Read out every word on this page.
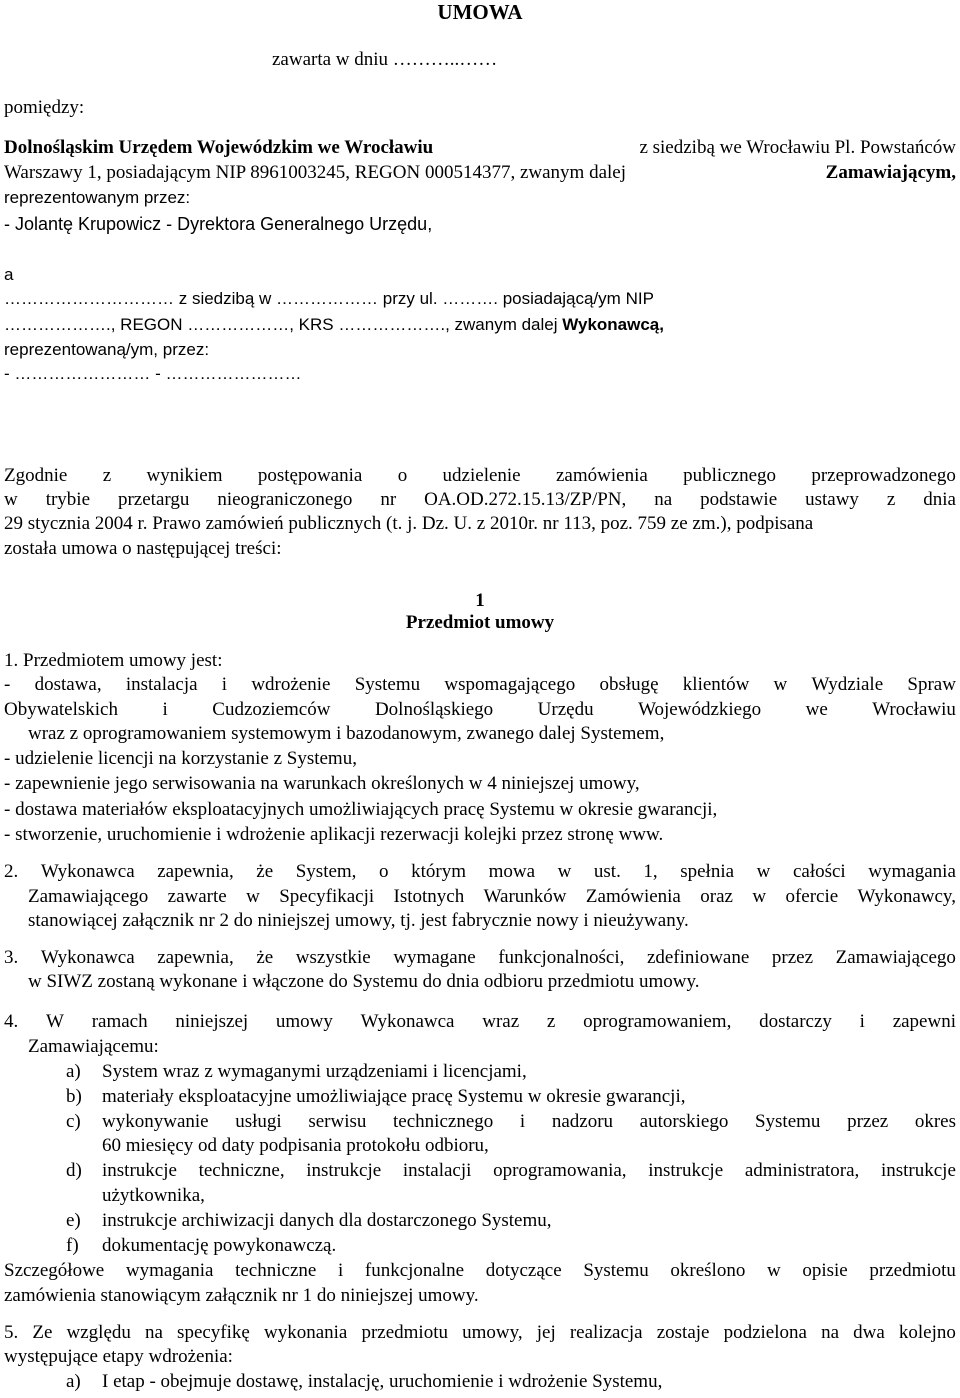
UMOWA
zawarta w dniu ………..……
pomiędzy:
Dolnośląskim Urzędem Wojewódzkim we Wrocławiu	z siedzibą we Wrocławiu Pl. Powstańców
Warszawy 1, posiadającym NIP 8961003245, REGON 000514377, zwanym dalej	Zamawiającym,
reprezentowanym przez:
- Jolantę Krupowicz - Dyrektora Generalnego Urzędu,
a
………………………… z siedzibą w ……………… przy ul. ………. posiadającą/ym NIP
………………., REGON ………………, KRS ………………., zwanym dalej Wykonawcą,
reprezentowaną/ym, przez:
- …………………… - ……………………
Zgodnie z wynikiem postępowania o udzielenie zamówienia publicznego przeprowadzonego
w trybie przetargu nieograniczonego nr OA.OD.272.15.13/ZP/PN, na podstawie ustawy z dnia
29 stycznia 2004 r. Prawo zamówień publicznych (t. j. Dz. U. z 2010r. nr 113, poz. 759 ze zm.), podpisana
została umowa o następującej treści:
1
Przedmiot umowy
1. Przedmiotem umowy jest:
- dostawa, instalacja i wdrożenie Systemu wspomagającego obsługę klientów w Wydziale Spraw
Obywatelskich i Cudzoziemców Dolnośląskiego Urzędu Wojewódzkiego we Wrocławiu
wraz z oprogramowaniem systemowym i bazodanowym, zwanego dalej Systemem,
- udzielenie licencji na korzystanie z Systemu,
- zapewnienie jego serwisowania na warunkach określonych w 4 niniejszej umowy,
- dostawa materiałów eksploatacyjnych umożliwiających pracę Systemu w okresie gwarancji,
- stworzenie, uruchomienie i wdrożenie aplikacji rezerwacji kolejki przez stronę www.
2. Wykonawca zapewnia, że System, o którym mowa w ust. 1, spełnia w całości wymagania
Zamawiającego zawarte w Specyfikacji Istotnych Warunków Zamówienia oraz w ofercie Wykonawcy,
stanowiącej załącznik nr 2 do niniejszej umowy, tj. jest fabrycznie nowy i nieużywany.
3. Wykonawca zapewnia, że wszystkie wymagane funkcjonalności, zdefiniowane przez Zamawiającego
w SIWZ zostaną wykonane i włączone do Systemu do dnia odbioru przedmiotu umowy.
4. W ramach niniejszej umowy Wykonawca wraz z oprogramowaniem, dostarczy i zapewni
Zamawiającemu:
a) System wraz z wymaganymi urządzeniami i licencjami,
b) materiały eksploatacyjne umożliwiające pracę Systemu w okresie gwarancji,
c) wykonywanie usługi serwisu technicznego i nadzoru autorskiego Systemu przez okres
60 miesięcy od daty podpisania protokołu odbioru,
d) instrukcje techniczne, instrukcje instalacji oprogramowania, instrukcje administratora, instrukcje
użytkownika,
e) instrukcje archiwizacji danych dla dostarczonego Systemu,
f) dokumentację powykonawczą.
Szczegółowe wymagania techniczne i funkcjonalne dotyczące Systemu określono w opisie przedmiotu
zamówienia stanowiącym załącznik nr 1 do niniejszej umowy.
5. Ze względu na specyfikę wykonania przedmiotu umowy, jej realizacja zostaje podzielona na dwa kolejno
występujące etapy wdrożenia:
a) I etap - obejmuje dostawę, instalację, uruchomienie i wdrożenie Systemu,
